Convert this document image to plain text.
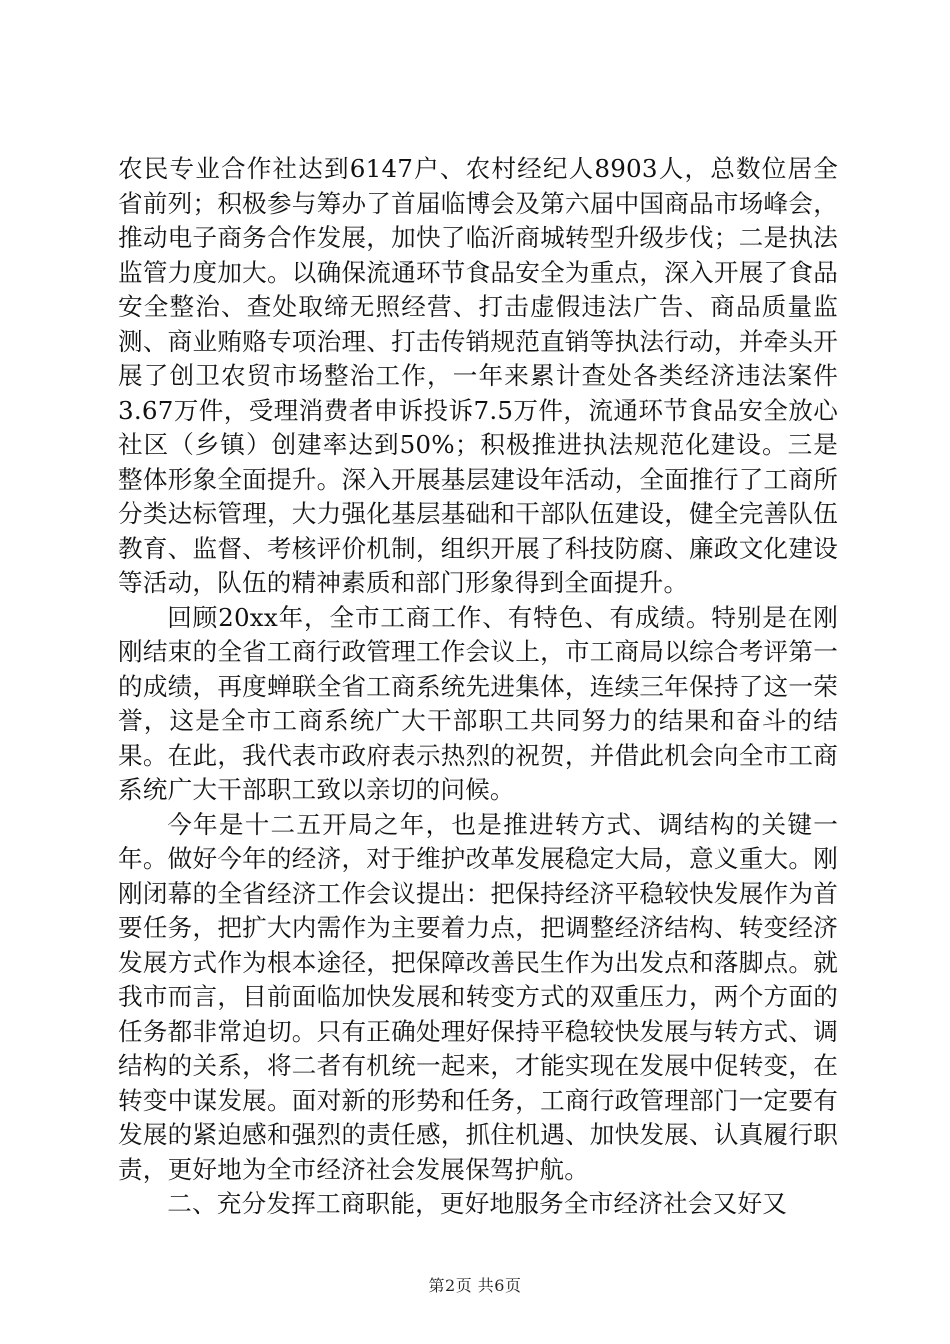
农民专业合作社达到6147户、农村经纪人8903人，总数位居全省前列；积极参与筹办了首届临博会及第六届中国商品市场峰会，推动电子商务合作发展，加快了临沂商城转型升级步伐；二是执法监管力度加大。以确保流通环节食品安全为重点，深入开展了食品安全整治、查处取缔无照经营、打击虚假违法广告、商品质量监测、商业贿赂专项治理、打击传销规范直销等执法行动，并牵头开展了创卫农贸市场整治工作，一年来累计查处各类经济违法案件3.67万件，受理消费者申诉投诉7.5万件，流通环节食品安全放心社区（乡镇）创建率达到50%；积极推进执法规范化建设。三是整体形象全面提升。深入开展基层建设年活动，全面推行了工商所分类达标管理，大力强化基层基础和干部队伍建设，健全完善队伍教育、监督、考核评价机制，组织开展了科技防腐、廉政文化建设等活动，队伍的精神素质和部门形象得到全面提升。

回顾20xx年，全市工商工作、有特色、有成绩。特别是在刚刚结束的全省工商行政管理工作会议上，市工商局以综合考评第一的成绩，再度蝉联全省工商系统先进集体，连续三年保持了这一荣誉，这是全市工商系统广大干部职工共同努力的结果和奋斗的结果。在此，我代表市政府表示热烈的祝贺，并借此机会向全市工商系统广大干部职工致以亲切的问候。

今年是十二五开局之年，也是推进转方式、调结构的关键一年。做好今年的经济，对于维护改革发展稳定大局，意义重大。刚刚闭幕的全省经济工作会议提出：把保持经济平稳较快发展作为首要任务，把扩大内需作为主要着力点，把调整经济结构、转变经济发展方式作为根本途径，把保障改善民生作为出发点和落脚点。就我市而言，目前面临加快发展和转变方式的双重压力，两个方面的任务都非常迫切。只有正确处理好保持平稳较快发展与转方式、调结构的关系，将二者有机统一起来，才能实现在发展中促转变，在转变中谋发展。面对新的形势和任务，工商行政管理部门一定要有发展的紧迫感和强烈的责任感，抓住机遇、加快发展、认真履行职责，更好地为全市经济社会发展保驾护航。

二、充分发挥工商职能，更好地服务全市经济社会又好又

第2页 共6页
